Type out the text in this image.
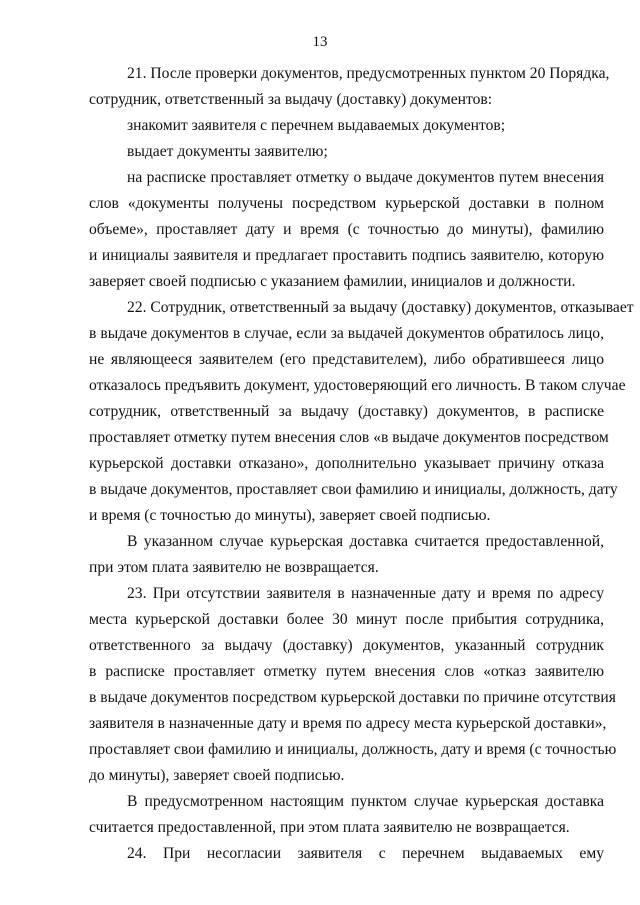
13
21. После проверки документов, предусмотренных пунктом 20 Порядка,
сотрудник, ответственный за выдачу (доставку) документов:
знакомит заявителя с перечнем выдаваемых документов;
выдает документы заявителю;
на расписке проставляет отметку о выдаче документов путем внесения
слов «документы получены посредством курьерской доставки в полном
объеме», проставляет дату и время (с точностью до минуты), фамилию
и инициалы заявителя и предлагает проставить подпись заявителю, которую
заверяет своей подписью с указанием фамилии, инициалов и должности.
22. Сотрудник, ответственный за выдачу (доставку) документов, отказывает
в выдаче документов в случае, если за выдачей документов обратилось лицо,
не являющееся заявителем (его представителем), либо обратившееся лицо
отказалось предъявить документ, удостоверяющий его личность. В таком случае
сотрудник, ответственный за выдачу (доставку) документов, в расписке
проставляет отметку путем внесения слов «в выдаче документов посредством
курьерской доставки отказано», дополнительно указывает причину отказа
в выдаче документов, проставляет свои фамилию и инициалы, должность, дату
и время (с точностью до минуты), заверяет своей подписью.
В указанном случае курьерская доставка считается предоставленной,
при этом плата заявителю не возвращается.
23. При отсутствии заявителя в назначенные дату и время по адресу
места курьерской доставки более 30 минут после прибытия сотрудника,
ответственного за выдачу (доставку) документов, указанный сотрудник
в расписке проставляет отметку путем внесения слов «отказ заявителю
в выдаче документов посредством курьерской доставки по причине отсутствия
заявителя в назначенные дату и время по адресу места курьерской доставки»,
проставляет свои фамилию и инициалы, должность, дату и время (с точностью
до минуты), заверяет своей подписью.
В предусмотренном настоящим пунктом случае курьерская доставка
считается предоставленной, при этом плата заявителю не возвращается.
24. При несогласии заявителя с перечнем выдаваемых ему
